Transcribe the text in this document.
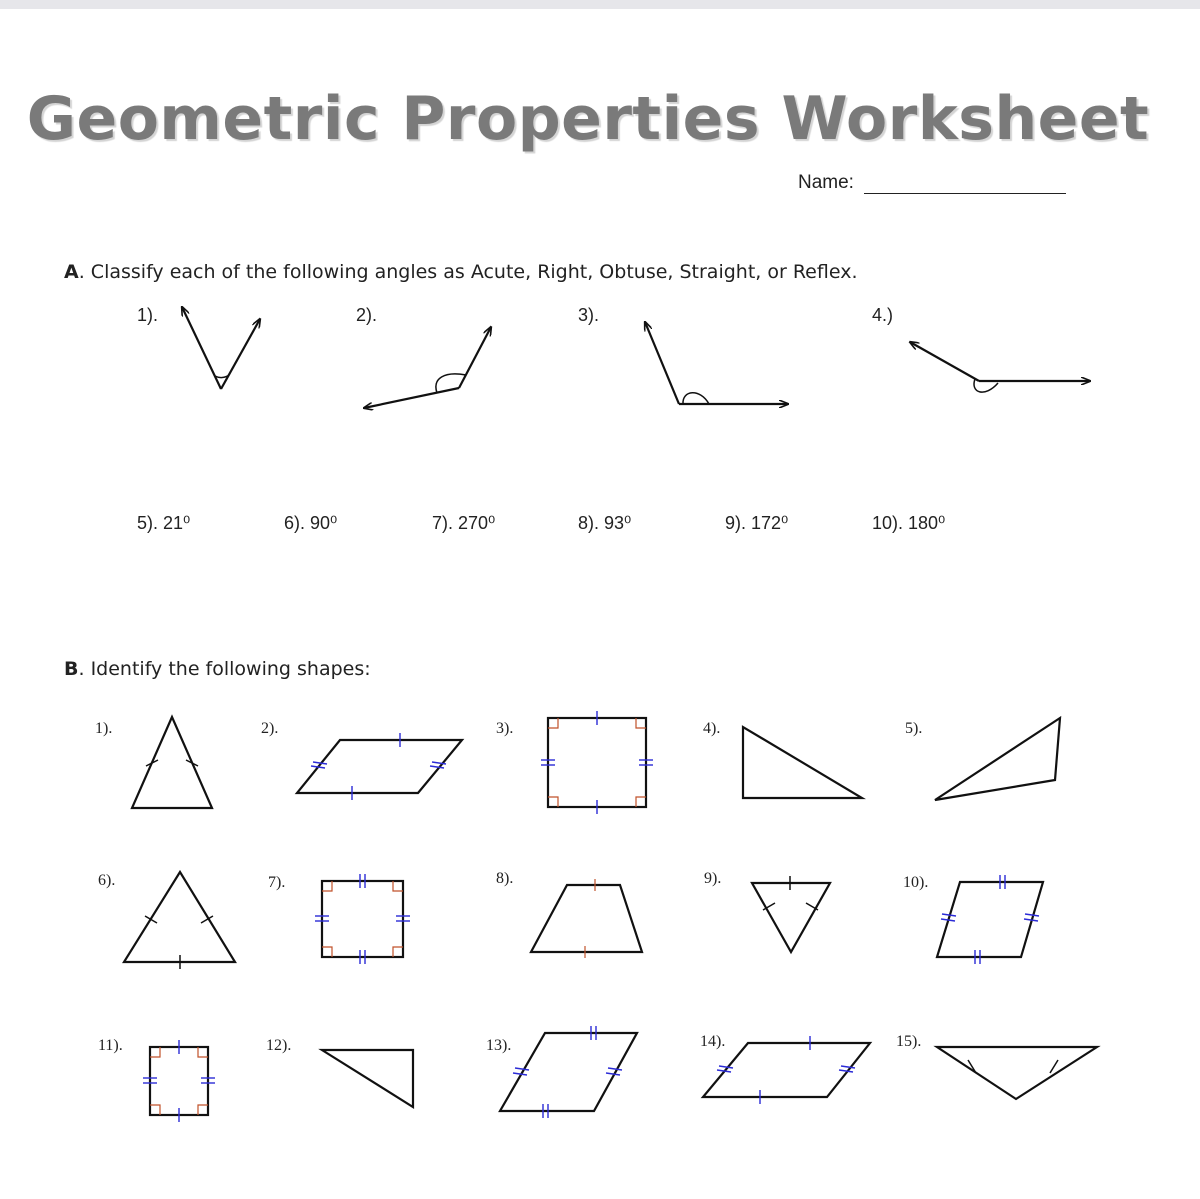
Geometric Properties Worksheet
Name:
A. Classify each of the following angles as Acute, Right, Obtuse, Straight, or Reflex.
1).	2).	3).	4.)
5). 21⁰	6). 90⁰	7). 270⁰	8). 93⁰	9). 172⁰	10). 180⁰
B. Identify the following shapes:
1).	2).	3).	4).	5).
6).	7).	8).	9).	10).
11).	12).	13).	14).	15).
